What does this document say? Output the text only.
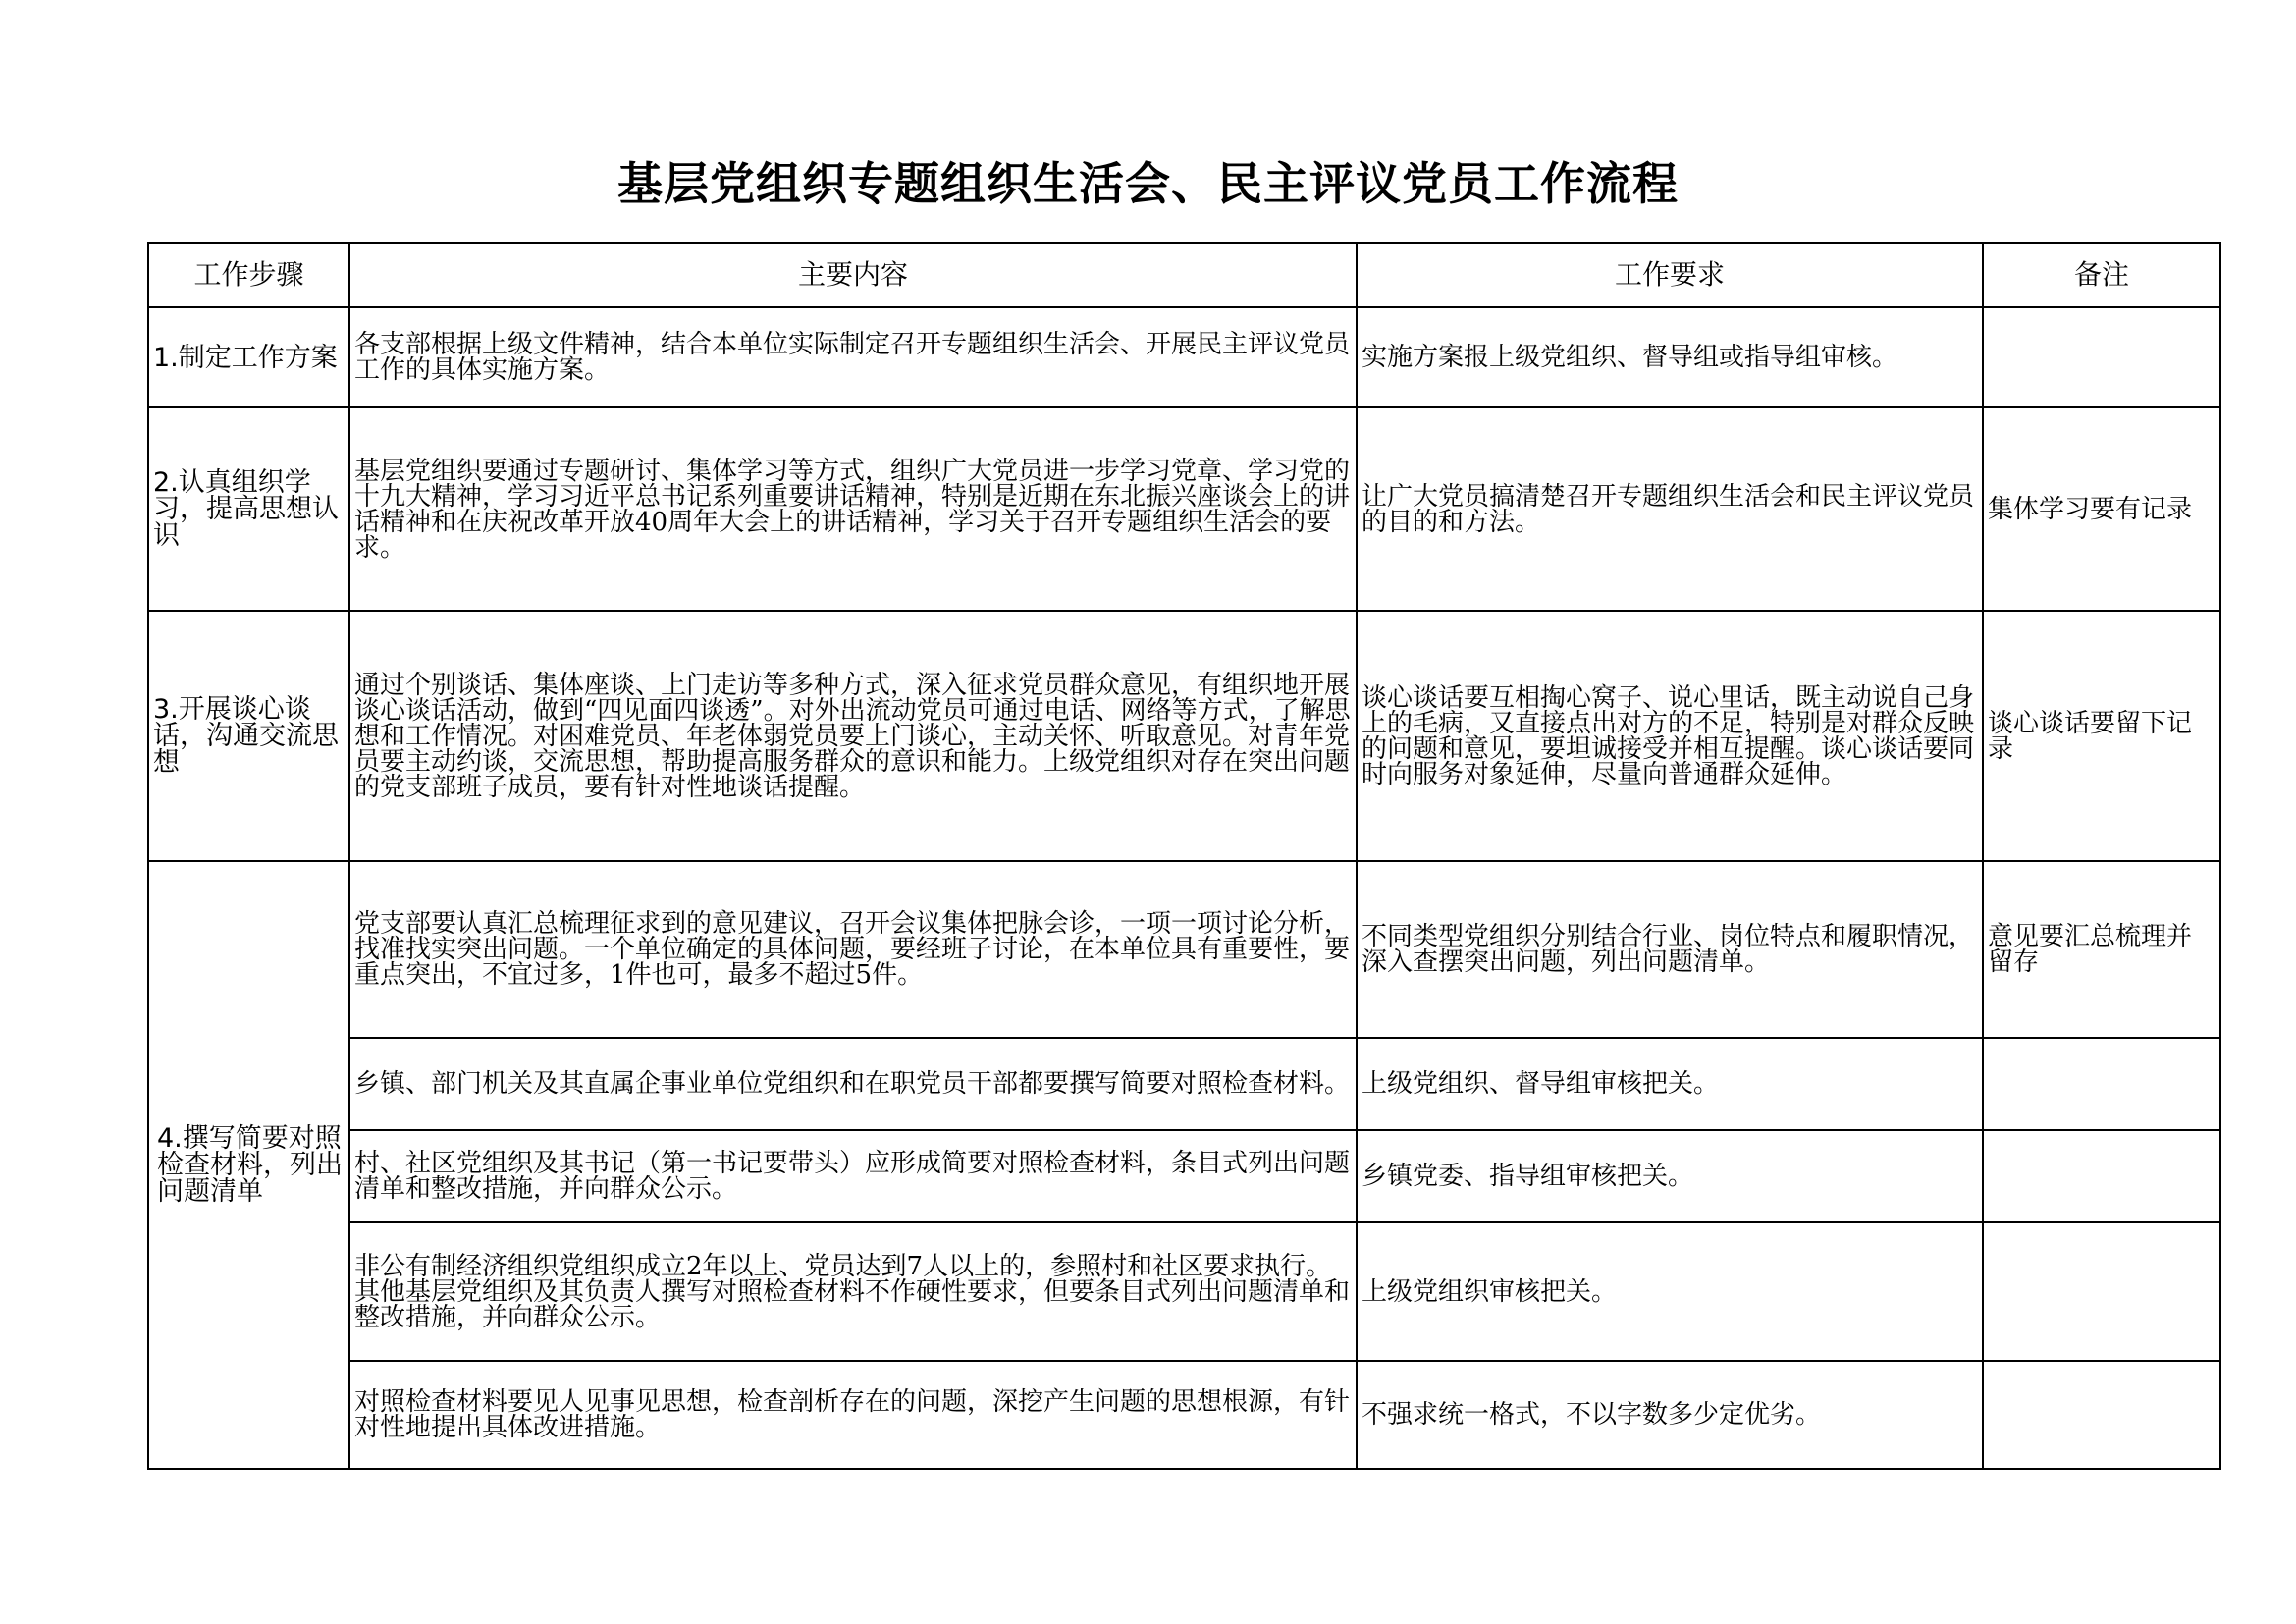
基层党组织专题组织生活会、民主评议党员工作流程
工作步骤	主要内容	工作要求	备注
1.制定工作方案	各支部根据上级文件精神，结合本单位实际制定召开专题组织生活会、开展民主评议党员工作的具体实施方案。	实施方案报上级党组织、督导组或指导组审核。	
2.认真组织学习，提高思想认识	基层党组织要通过专题研讨、集体学习等方式，组织广大党员进一步学习党章、学习党的十九大精神，学习习近平总书记系列重要讲话精神，特别是近期在东北振兴座谈会上的讲话精神和在庆祝改革开放40周年大会上的讲话精神，学习关于召开专题组织生活会的要求。	让广大党员搞清楚召开专题组织生活会和民主评议党员的目的和方法。	集体学习要有记录
3.开展谈心谈话，沟通交流思想	通过个别谈话、集体座谈、上门走访等多种方式，深入征求党员群众意见，有组织地开展谈心谈话活动，做到“四见面四谈透”。对外出流动党员可通过电话、网络等方式，了解思想和工作情况。对困难党员、年老体弱党员要上门谈心，主动关怀、听取意见。对青年党员要主动约谈，交流思想，帮助提高服务群众的意识和能力。上级党组织对存在突出问题的党支部班子成员，要有针对性地谈话提醒。	谈心谈话要互相掏心窝子、说心里话，既主动说自己身上的毛病，又直接点出对方的不足，特别是对群众反映的问题和意见，要坦诚接受并相互提醒。谈心谈话要同时向服务对象延伸，尽量向普通群众延伸。	谈心谈话要留下记录
4.撰写简要对照检查材料，列出问题清单	党支部要认真汇总梳理征求到的意见建议，召开会议集体把脉会诊，一项一项讨论分析，找准找实突出问题。一个单位确定的具体问题，要经班子讨论，在本单位具有重要性，要重点突出，不宜过多，1件也可，最多不超过5件。	不同类型党组织分别结合行业、岗位特点和履职情况，深入查摆突出问题，列出问题清单。	意见要汇总梳理并留存
	乡镇、部门机关及其直属企事业单位党组织和在职党员干部都要撰写简要对照检查材料。	上级党组织、督导组审核把关。	
	村、社区党组织及其书记（第一书记要带头）应形成简要对照检查材料，条目式列出问题清单和整改措施，并向群众公示。	乡镇党委、指导组审核把关。	
	非公有制经济组织党组织成立2年以上、党员达到7人以上的，参照村和社区要求执行。其他基层党组织及其负责人撰写对照检查材料不作硬性要求，但要条目式列出问题清单和整改措施，并向群众公示。	上级党组织审核把关。	
	对照检查材料要见人见事见思想，检查剖析存在的问题，深挖产生问题的思想根源，有针对性地提出具体改进措施。	不强求统一格式，不以字数多少定优劣。	
